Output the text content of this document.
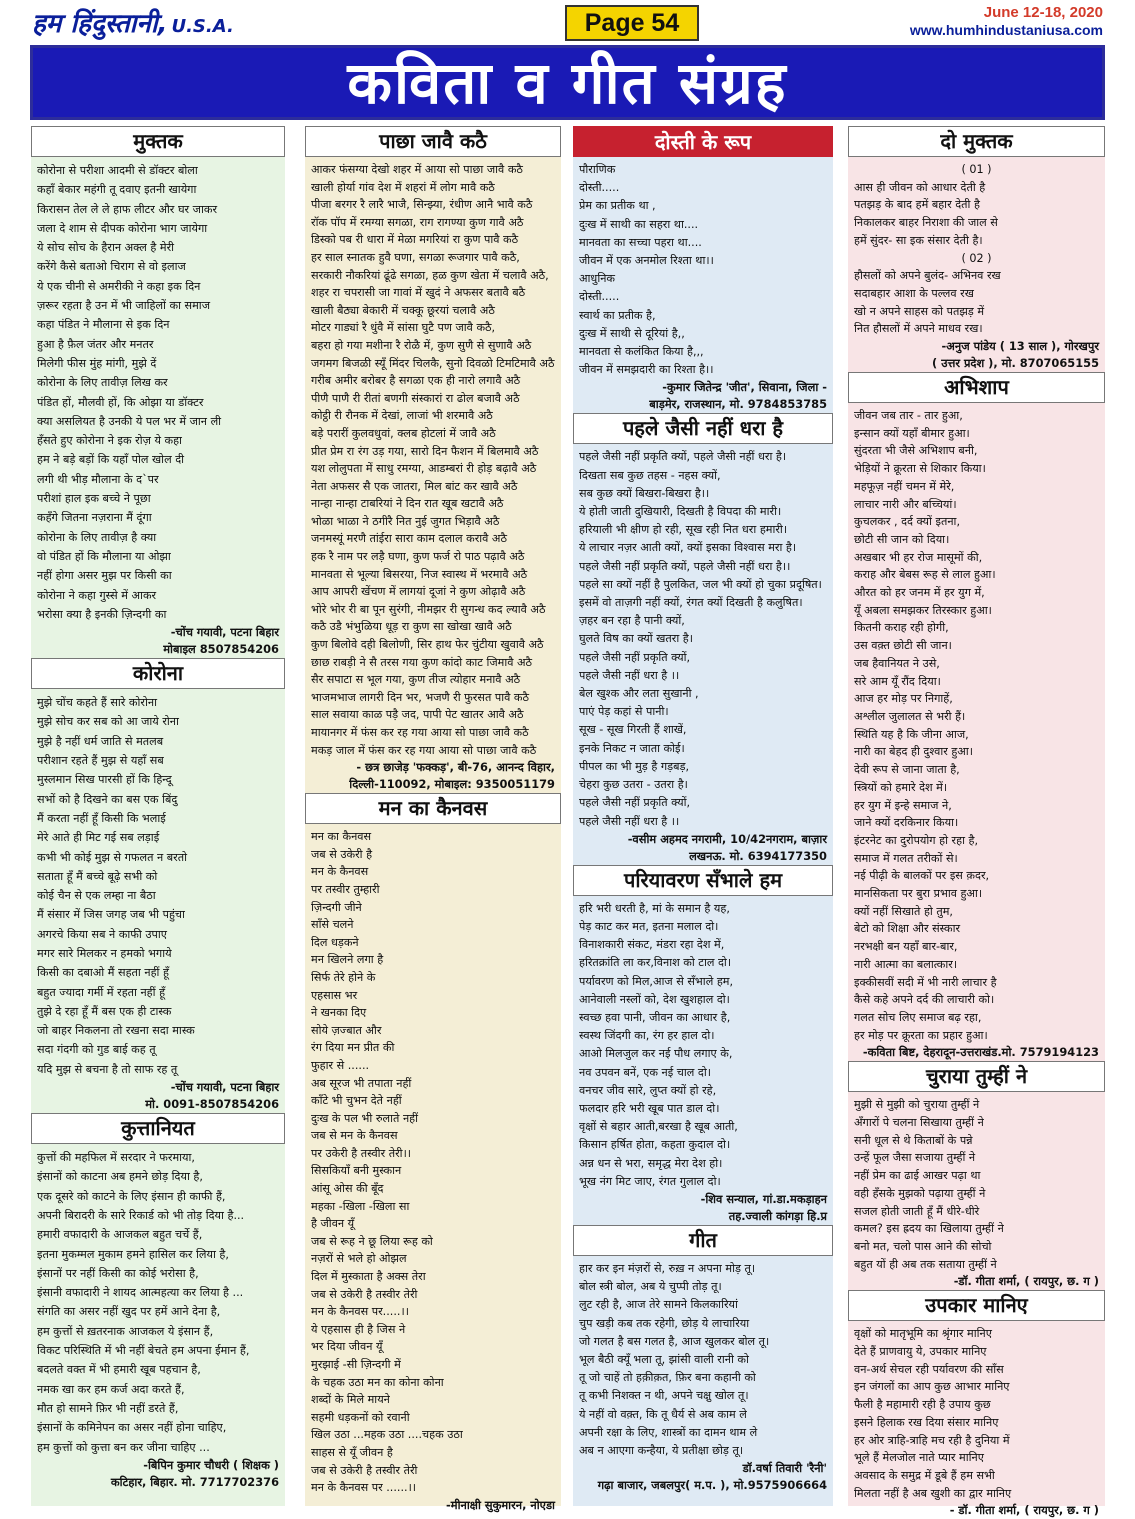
हम हिंदुस्तानी, U.S.A.	Page 54	June 12-18, 2020
www.humhindustaniusa.com
कविता व गीत संग्रह
मुक्तक
कोरोना से परीशा आदमी से डॉक्टर बोला
कहाँ बेकार महंगी तू दवाए इतनी खायेगा
किरासन तेल ले ले हाफ लीटर और घर जाकर
जला दे शाम से दीपक कोरोना भाग जायेगा
ये सोच सोच के हैरान अक्ल है मेरी
करेंगे कैसे बताओ चिराग से वो इलाज
ये एक चीनी से अमरीकी ने कहा इक दिन
ज़रूर रहता है उन में भी जाहिलों का समाज
कहा पंडित ने मौलाना से इक दिन
हुआ है फ़ैल जंतर और मनतर
मिलेगी फीस मुंह मांगी, मुझे दें
कोरोना के लिए तावीज़ लिख कर
पंडित हों, मौलवी हों, कि ओझा या डॉक्टर
क्या असलियत है उनकी ये पल भर में जान ली
हँसते हुए कोरोना ने इक रोज़ ये कहा
हम ने बड़े बड़ों कि यहाँ पोल खोल दी
लगी थी भीड़ मौलाना के द`पर
परीशां हाल इक बच्चे ने पूछा
कहँगे जितना नज़राना मैं दूंगा
कोरोना के लिए तावीज़ है क्या
वो पंडित हों कि मौलाना या ओझा
नहीं होगा असर मुझ पर किसी का
कोरोना ने कहा गुस्से में आकर
भरोसा क्या है इनकी ज़िन्दगी का
-चोंच गयावी, पटना बिहार
मोबाइल 8507854206
कोरोना
मुझे चोंच कहते हैं सारे कोरोना
मुझे सोच कर सब को आ जाये रोना
मुझे है नहीं धर्म जाति से मतलब
परीशान रहते हैं मुझ से यहाँ सब
मुस्लमान सिख पारसी हों कि हिन्दू
सभों को है दिखने का बस एक बिंदु
मैं करता नहीं हूँ किसी कि भलाई
मेरे आते ही मिट गई सब लड़ाई
कभी भी कोई मुझ से गफलत न बरतो
सताता हूँ मैं बच्चे बूढ़े सभी को
कोई चैन से एक लम्हा ना बैठा
मैं संसार में जिस जगह जब भी पहुंचा
अगरचे किया सब ने काफी उपाए
मगर सारे मिलकर न हमको भगाये
किसी का दबाओ मैं सहता नहीं हूँ
बहुत ज्यादा गर्मी में रहता नहीं हूँ
तुझे दे रहा हूँ मैं बस एक ही टास्क
जो बाहर निकलना तो रखना सदा मास्क
सदा गंदगी को गुड बाई कह तू
यदि मुझ से बचना है तो साफ रह तू
-चोंच गयावी, पटना बिहार
मो. 0091-8507854206
कुत्तानियत
कुत्तों की महफिल में सरदार ने फरमाया,
इंसानों को काटना अब हमने छोड़ दिया है,
एक दूसरे को काटने के लिए इंसान ही काफी हैं,
अपनी बिरादरी के सारे रिकार्ड को भी तोड़ दिया है...
हमारी वफादारी के आजकल बहुत चर्चे हैं,
इतना मुकम्मल मुकाम हमने हासिल कर लिया है,
इंसानों पर नहीं किसी का कोई भरोसा है,
इंसानी वफादारी ने शायद आत्महत्या कर लिया है ...
संगति का असर नहीं खुद पर हमें आने देना है,
हम कुत्तों से ख़तरनाक आजकल ये इंसान हैं,
विकट परिस्थिति में भी नहीं बेचते हम अपना ईमान हैं,
बदलते वक्त में भी हमारी खूब पहचान है,
नमक खा कर हम कर्ज अदा करते हैं,
मौत हो सामने फ़िर भी नहीं डरते हैं,
इंसानों के कमिनेपन का असर नहीं होना चाहिए,
हम कुत्तों को कुत्ता बन कर जीना चाहिए ...
-बिपिन कुमार चौधरी ( शिक्षक )
कटिहार, बिहार. मो. 7717702376
पाछा जावै कठै
आकर फंसग्या देखो शहर में आया सो पाछा जावै कठै
खाली होर्या गांव देश में शहरां में लोग मावै कठै
पीजा बरगर रै लारै भाजै, सिन्झ्या, रंधीण आनै भावै कठै
रॉक पॉप में रमग्या सगळा, राग रागण्या कुण गावै अठै
डिस्को पब री धारा में मेळा मगरियां रा कुण पावै कठै
हर साल स्नातक हुवै घणा, सगळा रूजगार पावै कठै,
सरकारी नौकरियां ढूंढे सगळा, हळ कुण खेता में चलावै अठै,
शहर रा चपरासी जा गावां में खुदं ने अफसर बतावै बठै
खाली बैठ्या बेकारी में चक्कू छूरयां चलावै अठै
मोटर गाड्यां रै धुंवै में सांसा घुटै पण जावै कठै,
बहरा हो गया मशीना रै रोळै में, कुण सुणै से सुणावै अठै
जगमग बिजळी स्यूँ मिंदर चिलकै, सुनो दिवळो टिमटिमावै अठै
गरीब अमीर बरोबर है सगळा एक ही नारो लगावै अठै
पीणै पाणै री रीतां बणगी संस्कारां रा ढोल बजावै अठै
कोट्ठी री रौनक में देखां, लाजां भी शरमावै अठै
बड़े परारीं कुलवधुवां, क्लब होटलां में जावै अठै
प्रीत प्रेम रा रंग उड़ गया, सारो दिन फैशन में बिलमावै अठै
यश लोलुपता में साधु रमग्या, आडम्बरां री होड़ बढ़ावै अठै
नेता अफसर सै एक जातरा, मिल बांट कर खावै अठै
नान्हा नान्हा टाबरियां ने दिन रात खूब खटावै अठै
भोळा भाळा ने ठगीरै नित नुई जुगत भिड़ावै अठै
जनमस्यूं मरणै तांईरा सारा काम दलाल करावै अठै
हक रै नाम पर लड़ै घणा, कुण फर्ज रो पाठ पढ़ावै अठै
मानवता से भूल्या बिसरया, निज स्वास्थ में भरमावै अठै
आप आपरी खेंचण में लागयां दूजां ने कुण ओढ़ावै अठै
भोरे भोर री बा पून सुरंगी, नीमझर री सुगन्ध कद ल्यावै अठै
कठै उडै भंभुळिया धूड़ रा कुण सा खोखा खावै अठै
कुण बिलोवे दही बिलोणी, सिर हाथ फेर चुंटीया खुवावै अठै
छाछ राबड़ी ने सै तरस गया कुण कांदो काट जिमावै अठै
सैर सपाटा स भूल गया, कुण तीज त्योहार मनावै अठै
भाजमभाज लागरी दिन भर, भजणै री फुरसत पावै कठै
साल सवाया काळ पड़ै जद, पापी पेट खातर आवै अठै
मायानगर में फंस कर रह गया आया सो पाछा जावै कठै
मकड़ जाल में फंस कर रह गया आया सो पाछा जावै कठै
- छत्र छाजेड़ 'फक्कड़', बी-76, आनन्द विहार,
दिल्ली-110092, मोबाइल: 9350051179
मन का कैनवस
मन का कैनवस
जब से उकेरी है
मन के कैनवस
पर तस्वीर तुम्हारी
ज़िन्दगी जीने
साँसे चलने
दिल धड़कने
मन खिलने लगा है
सिर्फ तेरे होने के
एहसास भर
ने खनका दिए
सोये ज़ज्बात और
रंग दिया मन प्रीत की
फुहार से ......
अब सूरज भी तपाता नहीं
काँटे भी चुभन देते नहीं
दुःख के पल भी रुलाते नहीं
जब से मन के कैनवस
पर उकेरी है तस्वीर तेरी।।
सिसकियाँ बनी मुस्कान
आंसू ओस की बूँद
महका -खिला -खिला सा
है जीवन यूँ
जब से रूह ने छू लिया रूह को
नज़रों से भले हो ओझल
दिल में मुस्काता है अक्स तेरा
जब से उकेरी है तस्वीर तेरी
मन के कैनवस पर.....।।
ये एहसास ही है जिस ने
भर दिया जीवन यूँ
मुरझाई -सी ज़िन्दगी में
के चहक उठा मन का कोना कोना
शब्दों के मिले मायने
सहमी धड़कनों को रवानी
खिल उठा ...महक उठा ....चहक उठा
साहस से यूँ जीवन है
जब से उकेरी है तस्वीर तेरी
मन के कैनवस पर ......।।
-मीनाक्षी सुकुमारन, नोएडा
दोस्ती के रूप
पौराणिक
दोस्ती.....
प्रेम का प्रतीक था ,
दुःख में साथी का सहरा था....
मानवता का सच्चा पहरा था....
जीवन में एक अनमोल रिश्ता था।।
आधुनिक
दोस्ती.....
स्वार्थ का प्रतीक है,
दुःख में साथी से दूरियां है,,
मानवता से कलंकित किया है,,,
जीवन में समझदारी का रिश्ता है।।
-कुमार जितेन्द्र 'जीत', सिवाना, जिला -
बाड़मेर, राजस्थान, मो. 9784853785
पहले जैसी नहीं धरा है
पहले जैसी नहीं प्रकृति क्यों, पहले जैसी नहीं धरा है।
दिखता सब कुछ तहस - नहस क्यों,
सब कुछ क्यों बिखरा-बिखरा है।।
ये होती जाती दुखियारी, दिखती है विपदा की मारी।
हरियाली भी क्षीण हो रही, सूख रही नित धरा हमारी।
ये लाचार नज़र आती क्यों, क्यों इसका विश्वास मरा है।
पहले जैसी नहीं प्रकृति क्यों, पहले जैसी नहीं धरा है।।
पहले सा क्यों नहीं है पुलकित, जल भी क्यों हो चुका प्रदूषित।
इसमें वो ताज़गी नहीं क्यों, रंगत क्यों दिखती है कलुषित।
ज़हर बन रहा है पानी क्यों,
घुलते विष का क्यों खतरा है।
पहले जैसी नहीं प्रकृति क्यों,
पहले जैसी नहीं धरा है ।।
बेल खुश्क और लता सुखानी ,
पाएं पेड़ कहां से पानी।
सूख - सूख गिरती हैं शाखें,
इनके निकट न जाता कोई।
पीपल का भी मुड़ है गड़बड़,
चेहरा कुछ उतरा - उतरा है।
पहले जैसी नहीं प्रकृति क्यों,
पहले जैसी नहीं धरा है ।।
-वसीम अहमद नगरामी, 10/42नगराम, बाज़ार
लखनऊ. मो. 6394177350
परियावरण सँभाले हम
हरि भरी धरती है, मां के समान है यह,
पेड़ काट कर मत, इतना मलाल दो।
विनाशकारी संकट, मंडरा रहा देश में,
हरितक्रांति ला कर,विनाश को टाल दो।
पर्यावरण को मिल,आज से सँभाले हम,
आनेवाली नस्लों को, देश खुशहाल दो।
स्वच्छ हवा पानी, जीवन का आधार है,
स्वस्थ जिंदगी का, रंग हर हाल दो।
आओ मिलजुल कर नई पौध लगाए के,
नव उपवन बनें, एक नई चाल दो।
वनचर जीव सारे, लुप्त क्यों हो रहे,
फलदार हरि भरी खूब पात डाल दो।
वृक्षों से बहार आती,बरखा है खूब आती,
किसान हर्षित होता, कहता कुदाल दो।
अन्न धन से भरा, समृद्ध मेरा देश हो।
भूख नंग मिट जाए, रंगत गुलाल दो।
-शिव सन्याल, गां.डा.मकड़ाहन
तह.ज्वाली कांगड़ा हि.प्र
गीत
हार कर इन मंज़रों से, रुख़ न अपना मोड़ तू।
बोल स्त्री बोल, अब ये चुप्पी तोड़ तू।
लुट रही है, आज तेरे सामने किलकारियां
चुप खड़ी कब तक रहेगी, छोड़ ये लाचारिया
जो गलत है बस गलत है, आज खुलकर बोल तू।
भूल बैठी क्यूँ भला तू, झांसी वाली रानी को
तू जो चाहें तो हक़ीक़त, फ़िर बना कहानी को
तू कभी निशक्त न थी, अपने चक्षु खोल तू।
ये नहीं वो वक़्त, कि तू धैर्य से अब काम ले
अपनी रक्षा के लिए, शास्त्रों का दामन थाम ले
अब न आएगा कन्हैया, ये प्रतीक्षा छोड़ तू।
डॉ.वर्षा तिवारी 'रैनी'
गढ़ा बाजार, जबलपुर( म.प. ), मो.9575906664
दो मुक्तक
( 01 )
आस ही जीवन को आधार देती है
पतझड़ के बाद हमें बहार देती है
निकालकर बाहर निराशा की जाल से
हमें सुंदर- सा इक संसार देती है।
( 02 )
हौसलों को अपने बुलंद- अभिनव रख
सदाबहार आशा के पल्लव रख
खो न अपने साहस को पतझड़ में
नित हौसलों में अपने माधव रख।
-अनुज पांडेय ( 13 साल ), गोरखपुर
( उत्तर प्रदेश ), मो. 8707065155
अभिशाप
जीवन जब तार - तार हुआ,
इन्सान क्यों यहाँ बीमार हुआ।
सुंदरता भी जैसे अभिशाप बनी,
भेड़ियों ने क्रूरता से शिकार किया।
महफूज़ नहीं चमन में मेरे,
लाचार नारी और बच्चियां।
कुचलकर , दर्द क्यों इतना,
छोटी सी जान को दिया।
अखबार भी हर रोज मासूमों की,
कराह और बेबस रूह से लाल हुआ।
औरत को हर जनम में हर युग में,
यूँ अबला समझकर तिरस्कार हुआ।
कितनी कराह रही होगी,
उस वक़्त छोटी सी जान।
जब हैवानियत ने उसे,
सरे आम यूँ रौंद दिया।
आज हर मोड़ पर निगाहें,
अश्लील जुलालत से भरी हैं।
स्थिति यह है कि जीना आज,
नारी का बेहद ही दुश्वार हुआ।
देवी रूप से जाना जाता है,
स्त्रियों को हमारे देश में।
हर युग में इन्हे समाज ने,
जाने क्यों दरकिनार किया।
इंटरनेट का दुरोपयोग हो रहा है,
समाज में गलत तरीकों से।
नई पीढ़ी के बालकों पर इस क़दर,
मानसिकता पर बुरा प्रभाव हुआ।
क्यों नहीं सिखाते हो तुम,
बेटो को शिक्षा और संस्कार
नरभक्षी बन यहाँ बार-बार,
नारी आत्मा का बलात्कार।
इक्कीसवीं सदी में भी नारी लाचार है
कैसे कहे अपने दर्द की लाचारी को।
गलत सोच लिए समाज बढ़ रहा,
हर मोड़ पर क्रूरता का प्रहार हुआ।
-कविता बिष्ट, देहरादून-उत्तराखंड.मो. 7579194123
चुराया तुम्हीं ने
मुझी से मुझी को चुराया तुम्हीं ने
अँगारों पे चलना सिखाया तुम्हीं ने
सनी धूल से थे किताबों के पन्ने
उन्हें फूल जैसा सजाया तुम्हीं ने
नहीं प्रेम का ढाई आखर पढ़ा था
वही हँसके मुझको पढ़ाया तुम्हीं ने
सजल होती जाती हूँ मैं धीरे-धीरे
कमल? इस ह्रदय का खिलाया तुम्हीं ने
बनो मत, चलो पास आने की सोचो
बहुत यों ही अब तक सताया तुम्हीं ने
-डॉ. गीता शर्मा, ( रायपुर, छ. ग )
उपकार मानिए
वृक्षों को मातृभूमि का श्रृंगार मानिए
देते हैं प्राणवायु ये, उपकार मानिए
वन-अर्थ सेचल रही पर्यावरण की साँस
इन जंगलों का आप कुछ आभार मानिए
फैली है महामारी रही है उपाय कुछ
इसने हिलाक रख दिया संसार मानिए
हर ओर त्राहि-त्राहि मच रही है दुनिया में
भूले हैं मेलजोल नाते प्यार मानिए
अवसाद के समुद्र में डूबे हैं हम सभी
मिलता नहीं है अब खुशी का द्वार मानिए
- डॉ. गीता शर्मा, ( रायपुर, छ. ग )
